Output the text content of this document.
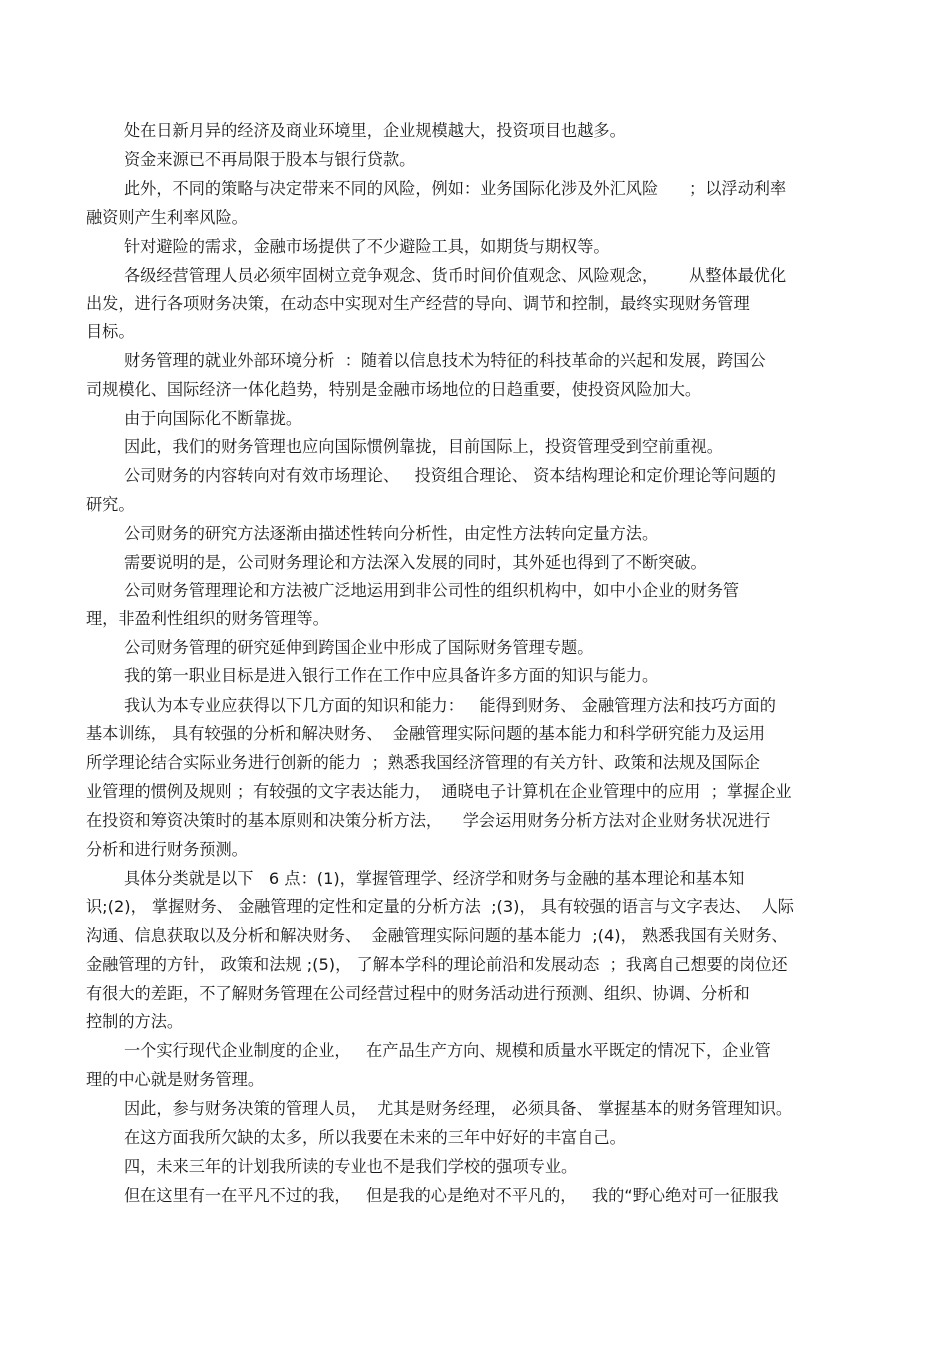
处在日新月异的经济及商业环境里，企业规模越大，投资项目也越多。
资金来源已不再局限于股本与银行贷款。
此外，不同的策略与决定带来不同的风险，例如：业务国际化涉及外汇风险      ；以浮动利率
融资则产生利率风险。
针对避险的需求，金融市场提供了不少避险工具，如期货与期权等。
各级经营管理人员必须牢固树立竞争观念、货币时间价值观念、风险观念，      从整体最优化
出发，进行各项财务决策，在动态中实现对生产经营的导向、调节和控制，最终实现财务管理
目标。
财务管理的就业外部环境分析  ：随着以信息技术为特征的科技革命的兴起和发展，跨国公
司规模化、国际经济一体化趋势，特别是金融市场地位的日趋重要，使投资风险加大。
由于向国际化不断靠拢。
因此，我们的财务管理也应向国际惯例靠拢，目前国际上，投资管理受到空前重视。
公司财务的内容转向对有效市场理论、   投资组合理论、 资本结构理论和定价理论等问题的
研究。
公司财务的研究方法逐渐由描述性转向分析性，由定性方法转向定量方法。
需要说明的是，公司财务理论和方法深入发展的同时，其外延也得到了不断突破。
公司财务管理理论和方法被广泛地运用到非公司性的组织机构中，如中小企业的财务管
理，非盈利性组织的财务管理等。
公司财务管理的研究延伸到跨国企业中形成了国际财务管理专题。
我的第一职业目标是进入银行工作在工作中应具备许多方面的知识与能力。
我认为本专业应获得以下几方面的知识和能力：   能得到财务、 金融管理方法和技巧方面的
基本训练， 具有较强的分析和解决财务、  金融管理实际问题的基本能力和科学研究能力及运用
所学理论结合实际业务进行创新的能力  ；熟悉我国经济管理的有关方针、政策和法规及国际企
业管理的惯例及规则 ；有较强的文字表达能力，  通晓电子计算机在企业管理中的应用  ；掌握企业
在投资和筹资决策时的基本原则和决策分析方法，    学会运用财务分析方法对企业财务状况进行
分析和进行财务预测。
具体分类就是以下   6 点：(1)，掌握管理学、经济学和财务与金融的基本理论和基本知
识;(2)， 掌握财务、 金融管理的定性和定量的分析方法  ;(3)， 具有较强的语言与文字表达、  人际
沟通、信息获取以及分析和解决财务、  金融管理实际问题的基本能力  ;(4)， 熟悉我国有关财务、
金融管理的方针， 政策和法规 ;(5)， 了解本学科的理论前沿和发展动态  ；我离自己想要的岗位还
有很大的差距，不了解财务管理在公司经营过程中的财务活动进行预测、组织、协调、分析和
控制的方法。
一个实行现代企业制度的企业，   在产品生产方向、规模和质量水平既定的情况下，企业管
理的中心就是财务管理。
因此，参与财务决策的管理人员，  尤其是财务经理， 必须具备、 掌握基本的财务管理知识。
在这方面我所欠缺的太多，所以我要在未来的三年中好好的丰富自己。
四，未来三年的计划我所读的专业也不是我们学校的强项专业。
但在这里有一在平凡不过的我，   但是我的心是绝对不平凡的，   我的“野心绝对可一征服我
